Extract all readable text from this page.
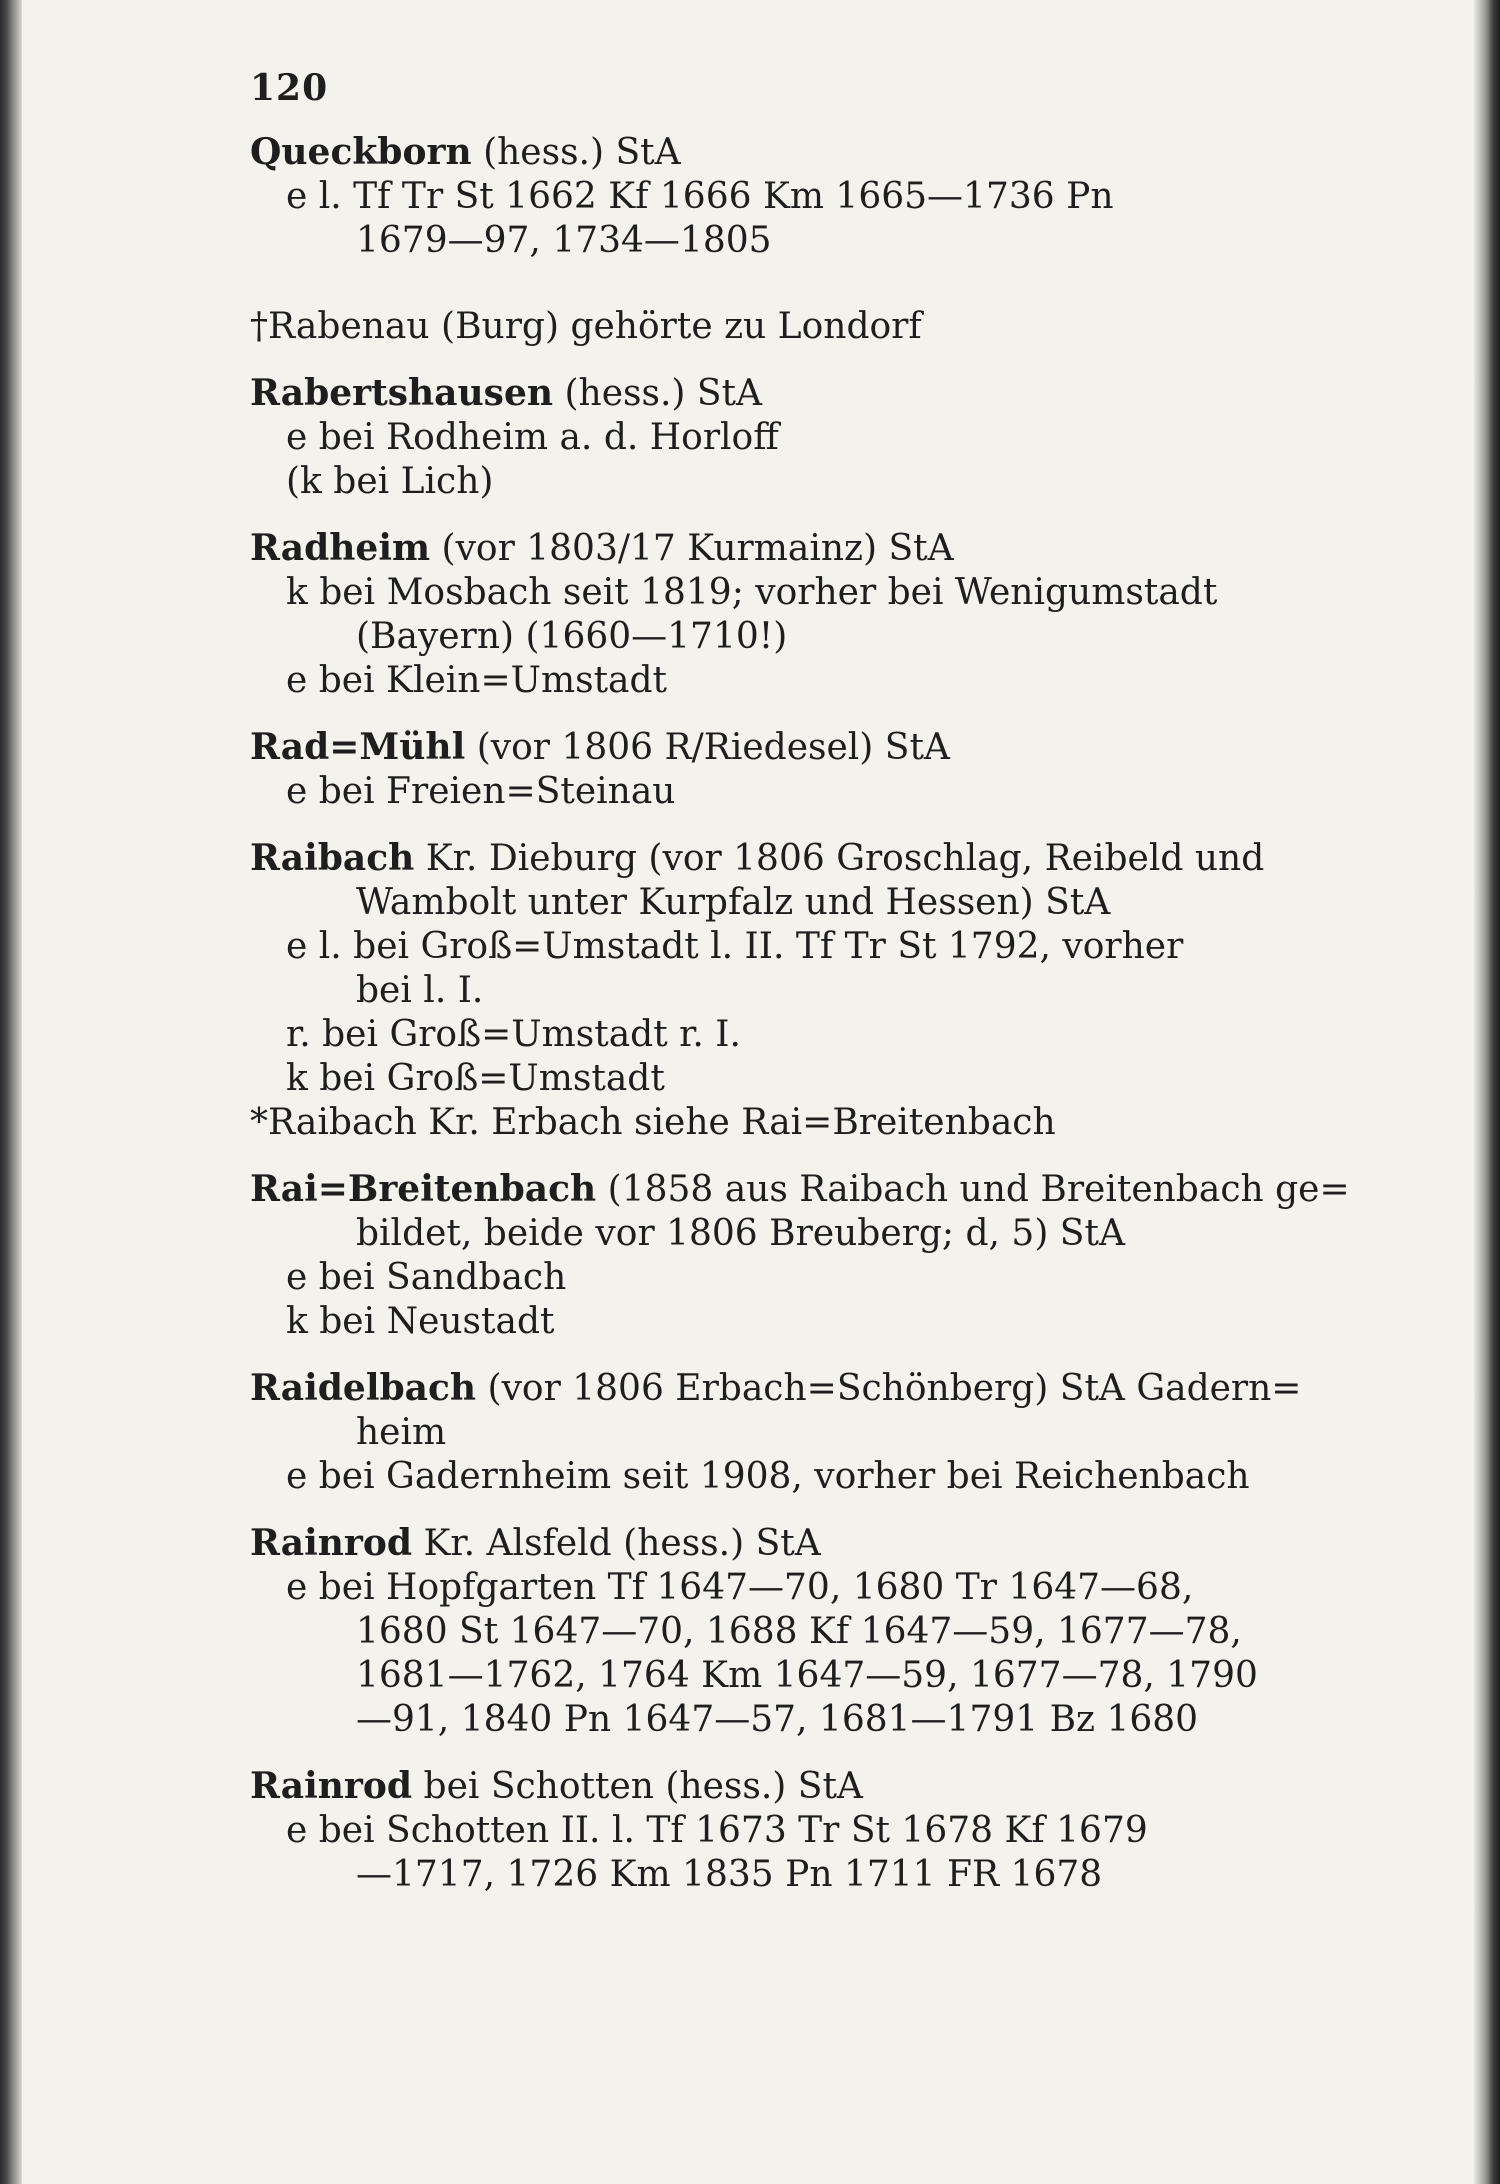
120
Queckborn (hess.) StA
e l. Tf Tr St 1662 Kf 1666 Km 1665—1736 Pn
1679—97, 1734—1805
†Rabenau (Burg) gehörte zu Londorf
Rabertshausen (hess.) StA
e bei Rodheim a. d. Horloff
(k bei Lich)
Radheim (vor 1803/17 Kurmainz) StA
k bei Mosbach seit 1819; vorher bei Wenigumstadt
(Bayern) (1660—1710!)
e bei Klein=Umstadt
Rad=Mühl (vor 1806 R/Riedesel) StA
e bei Freien=Steinau
Raibach Kr. Dieburg (vor 1806 Groschlag, Reibeld und
Wambolt unter Kurpfalz und Hessen) StA
e l. bei Groß=Umstadt l. II. Tf Tr St 1792, vorher
bei l. I.
r. bei Groß=Umstadt r. I.
k bei Groß=Umstadt
*Raibach Kr. Erbach siehe Rai=Breitenbach
Rai=Breitenbach (1858 aus Raibach und Breitenbach ge=
bildet, beide vor 1806 Breuberg; d, 5) StA
e bei Sandbach
k bei Neustadt
Raidelbach (vor 1806 Erbach=Schönberg) StA Gadern=
heim
e bei Gadernheim seit 1908, vorher bei Reichenbach
Rainrod Kr. Alsfeld (hess.) StA
e bei Hopfgarten Tf 1647—70, 1680 Tr 1647—68,
1680 St 1647—70, 1688 Kf 1647—59, 1677—78,
1681—1762, 1764 Km 1647—59, 1677—78, 1790
—91, 1840 Pn 1647—57, 1681—1791 Bz 1680
Rainrod bei Schotten (hess.) StA
e bei Schotten II. l. Tf 1673 Tr St 1678 Kf 1679
—1717, 1726 Km 1835 Pn 1711 FR 1678
